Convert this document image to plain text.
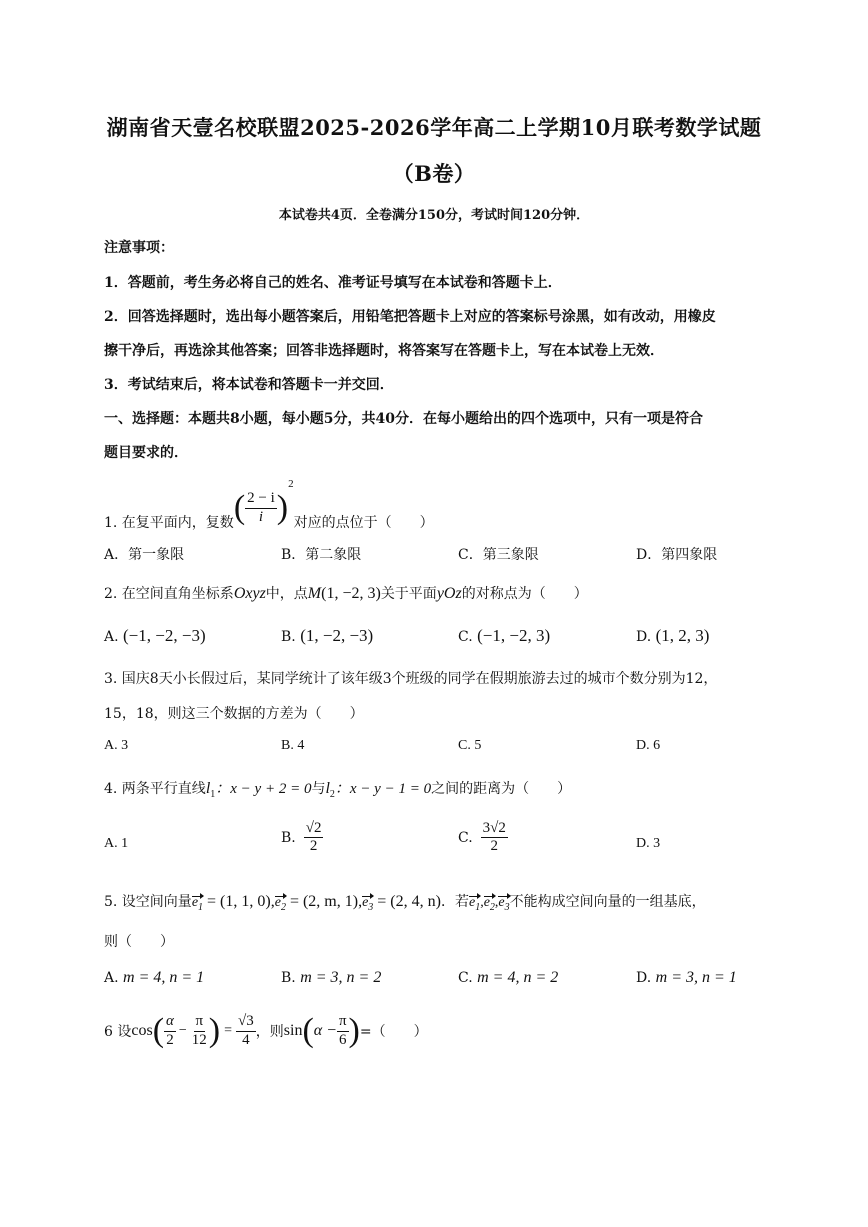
湖南省天壹名校联盟2025-2026学年高二上学期10月联考数学试题
（B卷）
本试卷共4页．全卷满分150分，考试时间120分钟．
注意事项：
1．答题前，考生务必将自己的姓名、准考证号填写在本试卷和答题卡上．
2．回答选择题时，选出每小题答案后，用铅笔把答题卡上对应的答案标号涂黑，如有改动，用橡皮
擦干净后，再选涂其他答案；回答非选择题时，将答案写在答题卡上，写在本试卷上无效．
3．考试结束后，将本试卷和答题卡一并交回．
一、选择题：本题共8小题，每小题5分，共40分．在每小题给出的四个选项中，只有一项是符合
题目要求的．
1. 在复平面内，复数 ( $\frac{2 - i}{i}$ )
2
对应的点位于（　　）
A．第一象限	B．第二象限	C．第三象限	D．第四象限
2. 在空间直角坐标系Oxyz中，点M(1, −2, 3)关于平面yOz的对称点为（　　）
A. (−1, −2, −3)	B. (1, −2, −3)	C. (−1, −2, 3)	D. (1, 2, 3)
3. 国庆8天小长假过后，某同学统计了该年级3个班级的同学在假期旅游去过的城市个数分别为12，
15，18，则这三个数据的方差为（　　）
A. 3	B. 4	C. 5	D. 6
4. 两条平行直线$l_1$：x − y + 2 = 0与$l_2$：x − y − 1 = 0之间的距离为（　　）
A. 1	B. $\frac{√2}{2}$	C. $\frac{3√2}{2}$	D. 3
5. 设空间向量$e_1 = (1$, 1, $0),e_2 = (2$, m, $1),e_3 = (2$, 4, n)．若$e_1,e_2,e_3$不能构成空间向量的一组基底，
则（　　）
A. m = 4, n = 1	B. m = 3, n = 2	C. m = 4, n = 2	D. m = 3, n = 1
6 设 cos ( $\frac{\alpha}{2} - \frac{\pi}{12}$ ) = $\frac{√3}{4}$ ，则 sin ( $\alpha - \frac{\pi}{6}$ ) =（　　）
